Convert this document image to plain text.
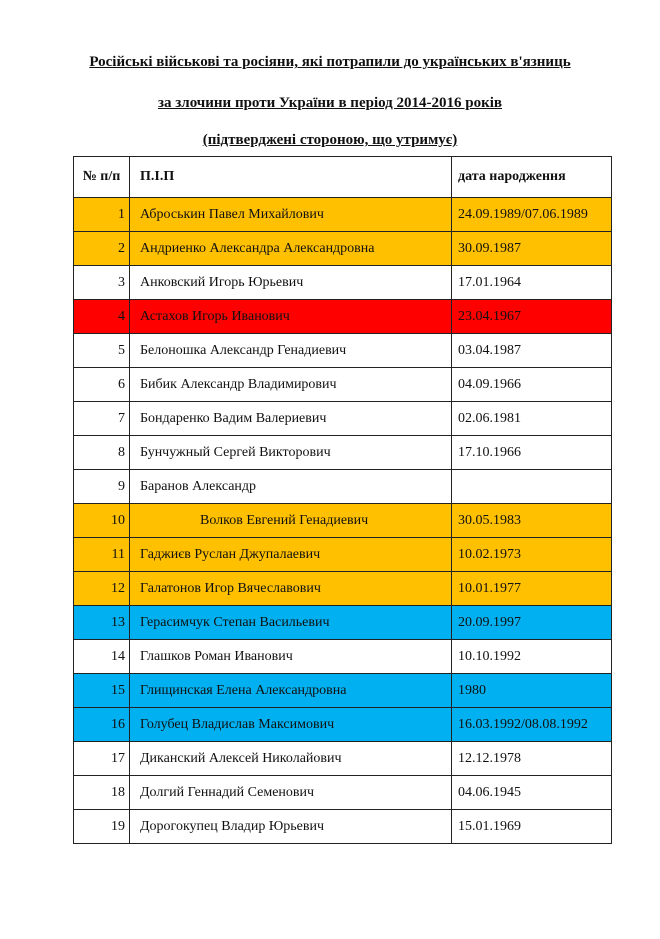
Російські військові та росіяни, які потрапили до українських в'язниць
за злочини проти України в період 2014-2016 років
(підтверджені стороною, що утримує)
№ п/п	П.І.П	дата народження
1	Аброськин Павел Михайлович	24.09.1989/07.06.1989
2	Андриенко Александра Александровна	30.09.1987
3	Анковский Игорь Юрьевич	17.01.1964
4	Астахов Игорь Иванович	23.04.1967
5	Белоношка Александр Генадиевич	03.04.1987
6	Бибик Александр Владимирович	04.09.1966
7	Бондаренко Вадим Валериевич	02.06.1981
8	Бунчужный Сергей Викторович	17.10.1966
9	Баранов Александр	
10	Волков Евгений Генадиевич	30.05.1983
11	Гаджиєв Руслан Джупалаевич	10.02.1973
12	Галатонов Игор Вячеславович	10.01.1977
13	Герасимчук Степан Васильевич	20.09.1997
14	Глашков Роман Иванович	10.10.1992
15	Глищинская Елена Александровна	1980
16	Голубец Владислав Максимович	16.03.1992/08.08.1992
17	Диканский Алексей Николайович	12.12.1978
18	Долгий Геннадий Семенович	04.06.1945
19	Дорогокупец Владир Юрьевич	15.01.1969
